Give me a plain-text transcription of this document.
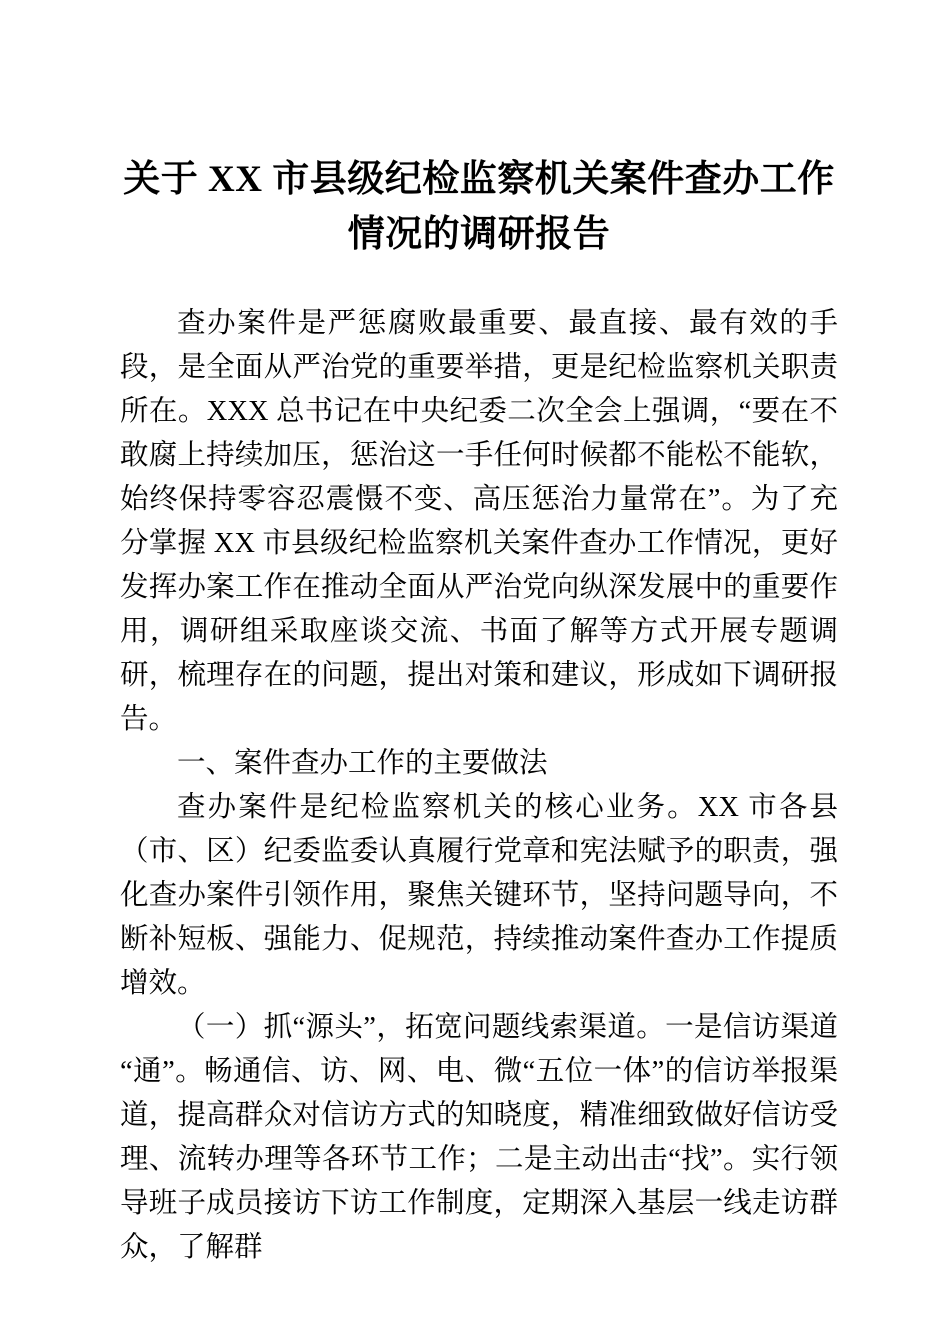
关于 XX 市县级纪检监察机关案件查办工作情况的调研报告

查办案件是严惩腐败最重要、最直接、最有效的手段，是全面从严治党的重要举措，更是纪检监察机关职责所在。XXX 总书记在中央纪委二次全会上强调，“要在不敢腐上持续加压，惩治这一手任何时候都不能松不能软，始终保持零容忍震慑不变、高压惩治力量常在”。为了充分掌握 XX 市县级纪检监察机关案件查办工作情况，更好发挥办案工作在推动全面从严治党向纵深发展中的重要作用，调研组采取座谈交流、书面了解等方式开展专题调研，梳理存在的问题，提出对策和建议，形成如下调研报告。

一、案件查办工作的主要做法

查办案件是纪检监察机关的核心业务。XX 市各县（市、区）纪委监委认真履行党章和宪法赋予的职责，强化查办案件引领作用，聚焦关键环节，坚持问题导向，不断补短板、强能力、促规范，持续推动案件查办工作提质增效。

（一）抓“源头”，拓宽问题线索渠道。一是信访渠道“通”。畅通信、访、网、电、微“五位一体”的信访举报渠道，提高群众对信访方式的知晓度，精准细致做好信访受理、流转办理等各环节工作；二是主动出击“找”。实行领导班子成员接访下访工作制度，定期深入基层一线走访群众，了解群
